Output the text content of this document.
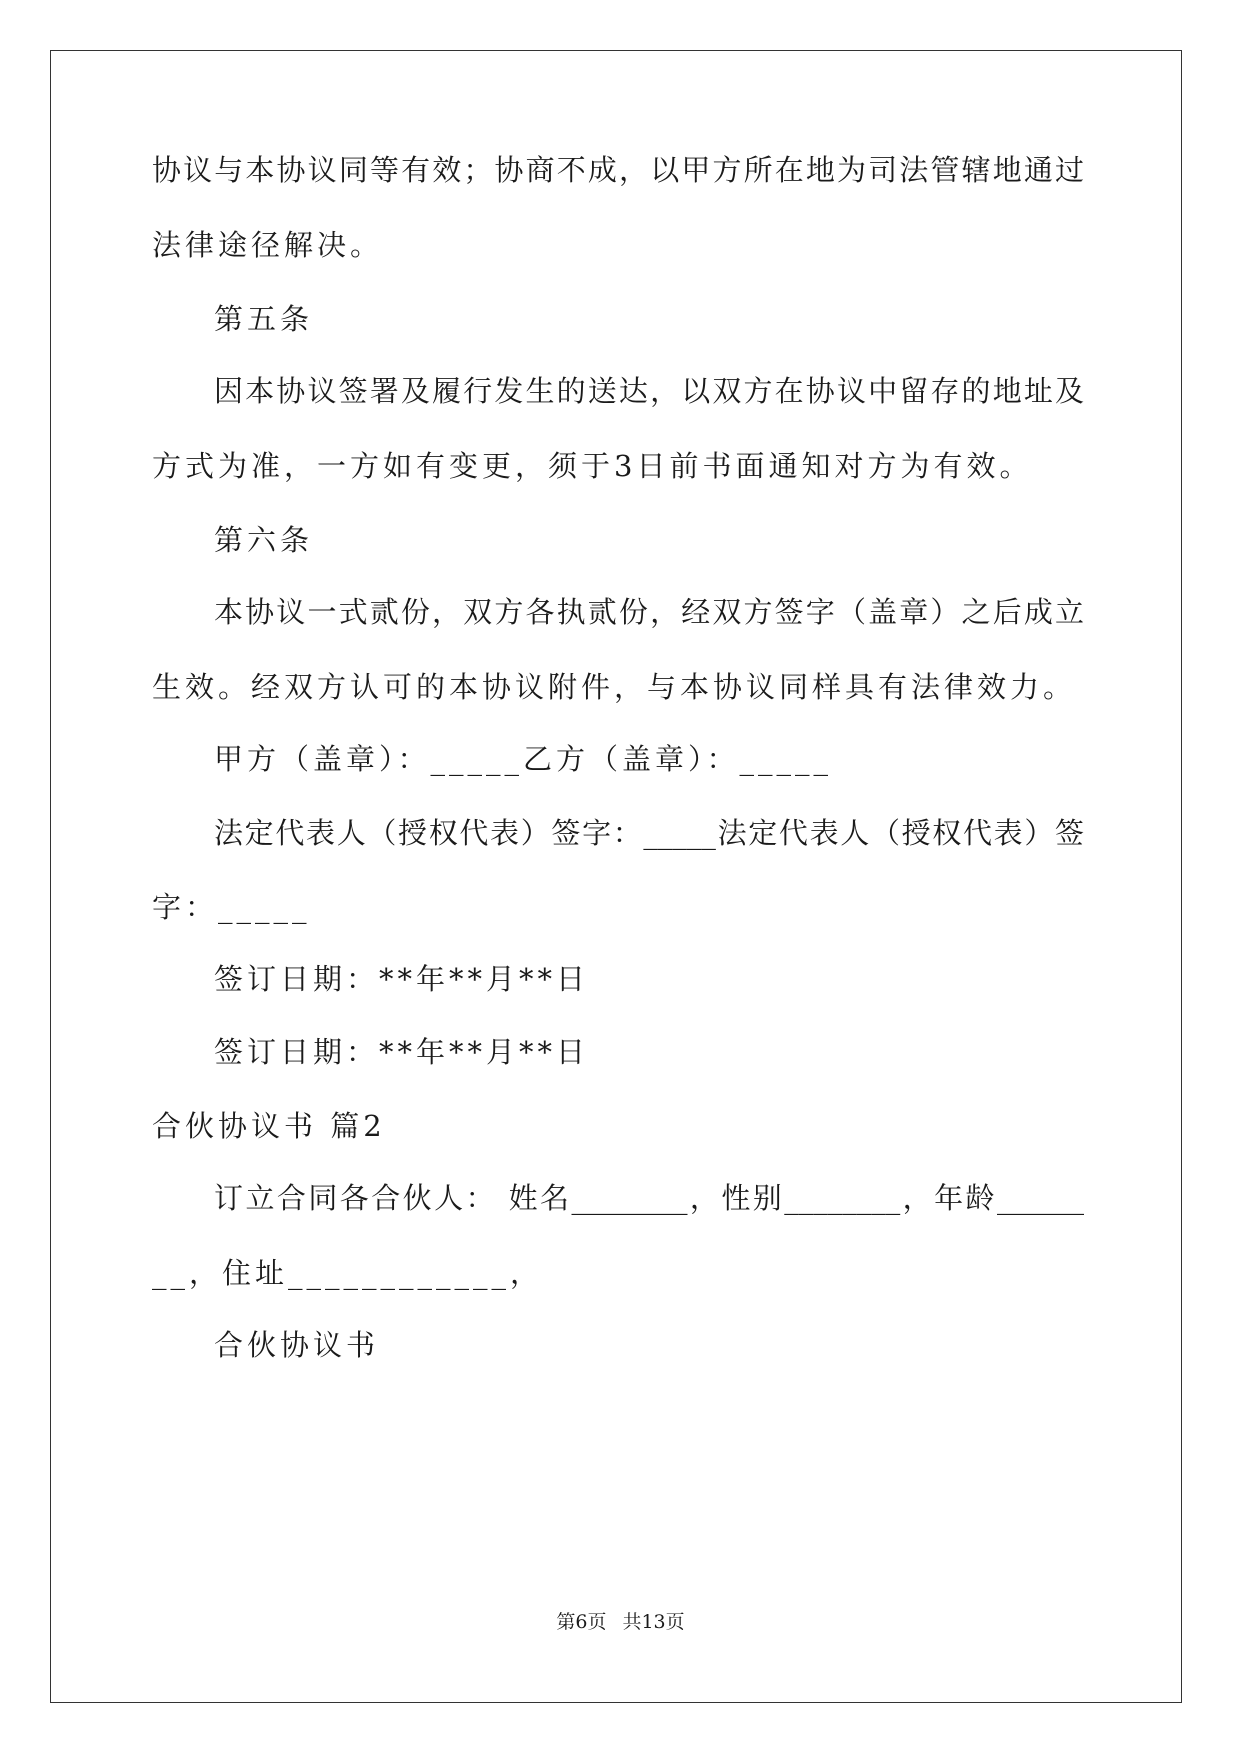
协议与本协议同等有效；协商不成，以甲方所在地为司法管辖地通过
法律途径解决。
第五条
因本协议签署及履行发生的送达，以双方在协议中留存的地址及
方式为准，一方如有变更，须于3日前书面通知对方为有效。
第六条
本协议一式贰份，双方各执贰份，经双方签字（盖章）之后成立
生效。经双方认可的本协议附件，与本协议同样具有法律效力。
甲方（盖章）：_____乙方（盖章）：_____
法定代表人（授权代表）签字：_____法定代表人（授权代表）签
字：_____
签订日期：**年**月**日
签订日期：**年**月**日
合伙协议书 篇2
订立合同各合伙人： 姓名________，性别________，年龄______
__，住址____________，
合伙协议书
第6页 共13页
